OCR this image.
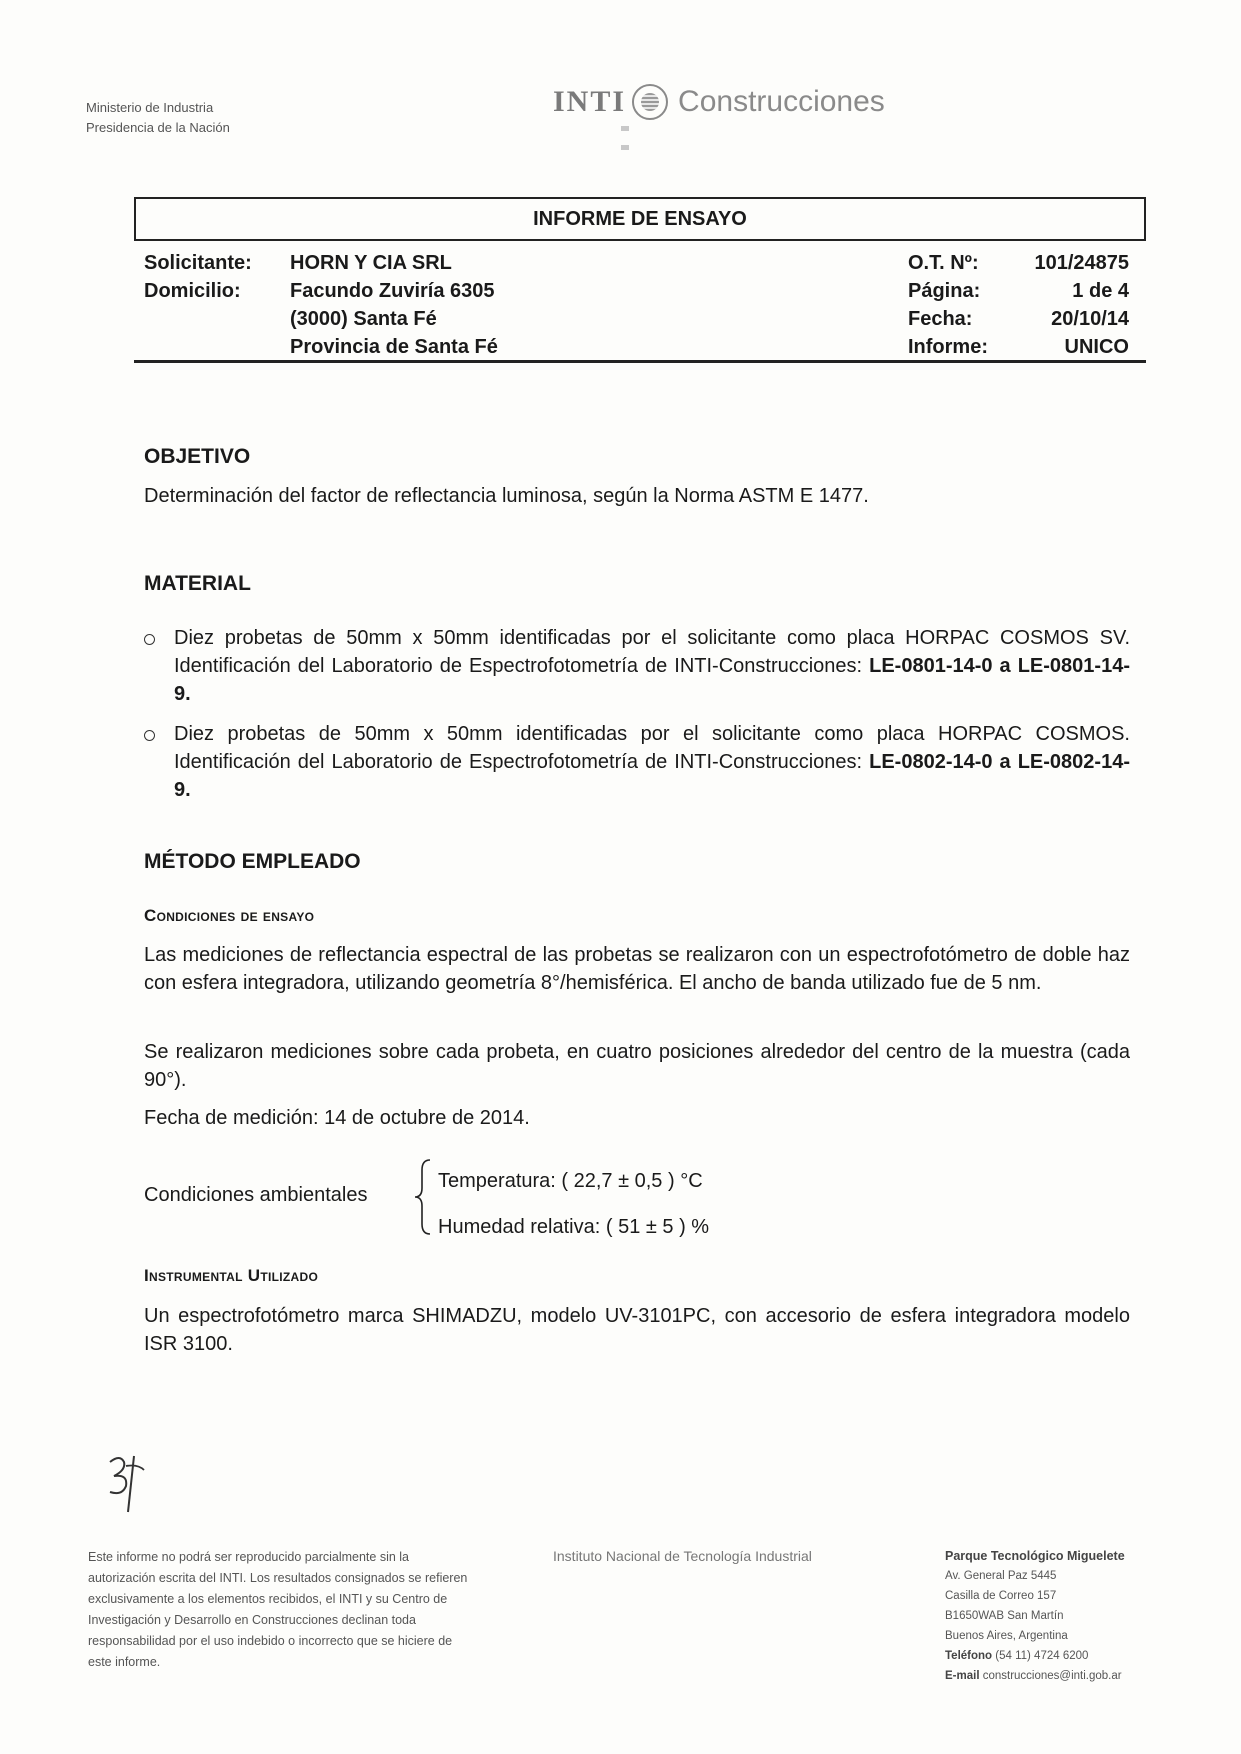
Ministerio de Industria
Presidencia de la Nación
INTI Construcciones
INFORME DE ENSAYO
Solicitante:
Domicilio:
HORN Y CIA SRL
Facundo Zuviría 6305
(3000) Santa Fé
Provincia de Santa Fé
O.T. Nº:
Página:
Fecha:
Informe:
101/24875
1 de 4
20/10/14
UNICO
OBJETIVO
Determinación del factor de reflectancia luminosa, según la Norma ASTM E 1477.
MATERIAL
Diez probetas de 50mm x 50mm identificadas por el solicitante como placa HORPAC COSMOS SV. Identificación del Laboratorio de Espectrofotometría de INTI-Construcciones: LE-0801-14-0 a LE-0801-14-9.
Diez probetas de 50mm x 50mm identificadas por el solicitante como placa HORPAC COSMOS. Identificación del Laboratorio de Espectrofotometría de INTI-Construcciones: LE-0802-14-0 a LE-0802-14-9.
MÉTODO EMPLEADO
Condiciones de ensayo
Las mediciones de reflectancia espectral de las probetas se realizaron con un espectrofotómetro de doble haz con esfera integradora, utilizando geometría 8°/hemisférica. El ancho de banda utilizado fue de 5 nm.
Se realizaron mediciones sobre cada probeta, en cuatro posiciones alrededor del centro de la muestra (cada 90°).
Fecha de medición: 14 de octubre de 2014.
Condiciones ambientales
Temperatura: ( 22,7 ± 0,5 ) °C
Humedad relativa: ( 51 ± 5 ) %
Instrumental Utilizado
Un espectrofotómetro marca SHIMADZU, modelo UV-3101PC, con accesorio de esfera integradora modelo ISR 3100.
Este informe no podrá ser reproducido parcialmente sin la autorización escrita del INTI. Los resultados consignados se refieren exclusivamente a los elementos recibidos, el INTI y su Centro de Investigación y Desarrollo en Construcciones declinan toda responsabilidad por el uso indebido o incorrecto que se hiciere de este informe.
Instituto Nacional de Tecnología Industrial	Parque Tecnológico Miguelete
Av. General Paz 5445
Casilla de Correo 157
B1650WAB San Martín
Buenos Aires, Argentina
Teléfono (54 11) 4724 6200
E-mail construcciones@inti.gob.ar
